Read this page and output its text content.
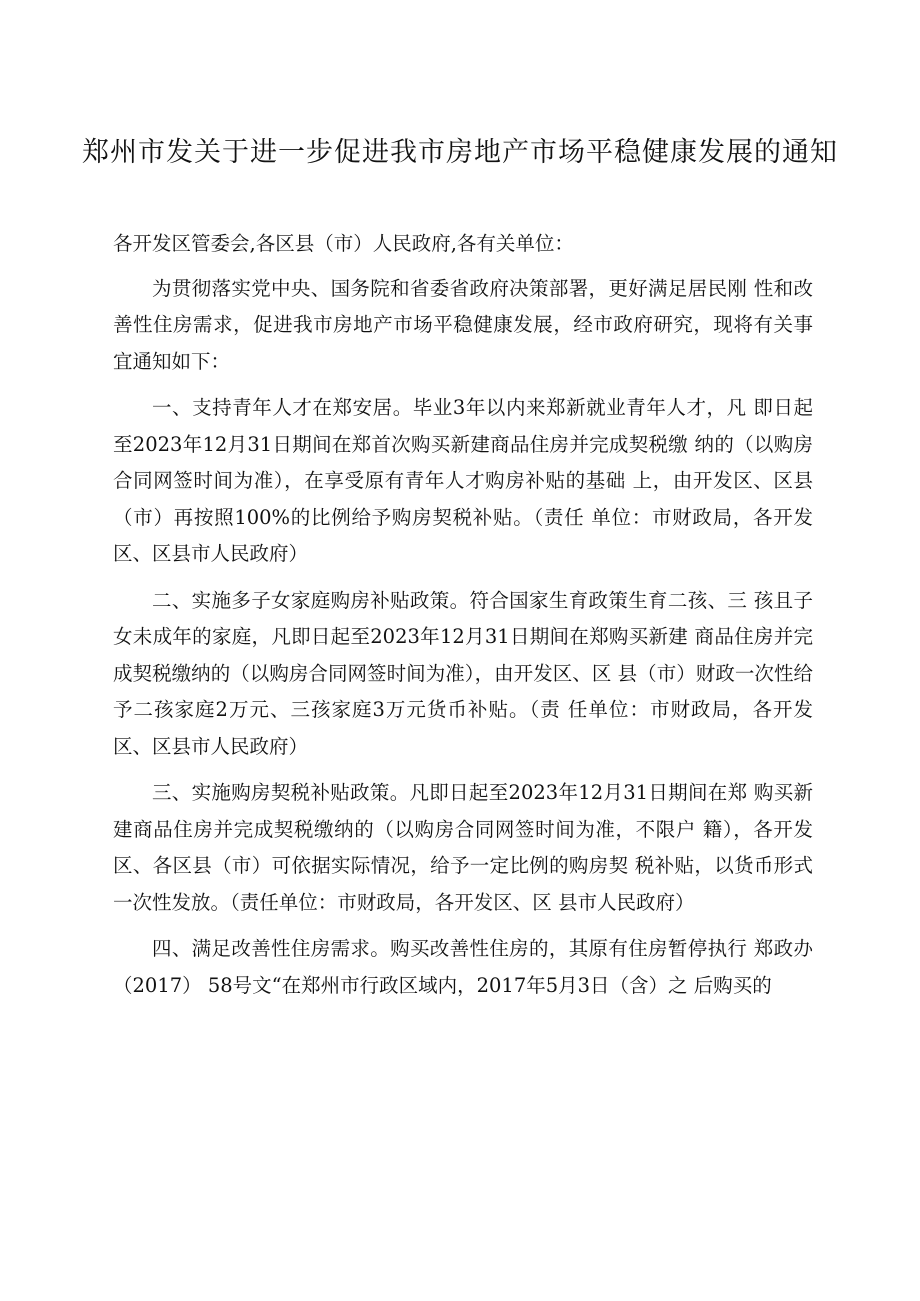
郑州市发关于进一步促进我市房地产市场平稳健康发展的通知

各开发区管委会,各区县（市）人民政府,各有关单位：

为贯彻落实党中央、国务院和省委省政府决策部署，更好满足居民刚 性和改善性住房需求，促进我市房地产市场平稳健康发展，经市政府研究，现将有关事宜通知如下：

一、支持青年人才在郑安居。毕业3年以内来郑新就业青年人才，凡 即日起至2023年12月31日期间在郑首次购买新建商品住房并完成契税缴 纳的（以购房合同网签时间为准），在享受原有青年人才购房补贴的基础 上，由开发区、区县（市）再按照100%的比例给予购房契税补贴。（责任 单位：市财政局，各开发区、区县市人民政府）

二、实施多子女家庭购房补贴政策。符合国家生育政策生育二孩、三 孩且子女未成年的家庭，凡即日起至2023年12月31日期间在郑购买新建 商品住房并完成契税缴纳的（以购房合同网签时间为准），由开发区、区 县（市）财政一次性给予二孩家庭2万元、三孩家庭3万元货币补贴。（责 任单位：市财政局，各开发区、区县市人民政府）

三、实施购房契税补贴政策。凡即日起至2023年12月31日期间在郑 购买新建商品住房并完成契税缴纳的（以购房合同网签时间为准，不限户 籍），各开发区、各区县（市）可依据实际情况，给予一定比例的购房契 税补贴，以货币形式一次性发放。（责任单位：市财政局，各开发区、区 县市人民政府）

四、满足改善性住房需求。购买改善性住房的，其原有住房暂停执行 郑政办（2017） 58号文“在郑州市行政区域内，2017年5月3日（含）之 后购买的
